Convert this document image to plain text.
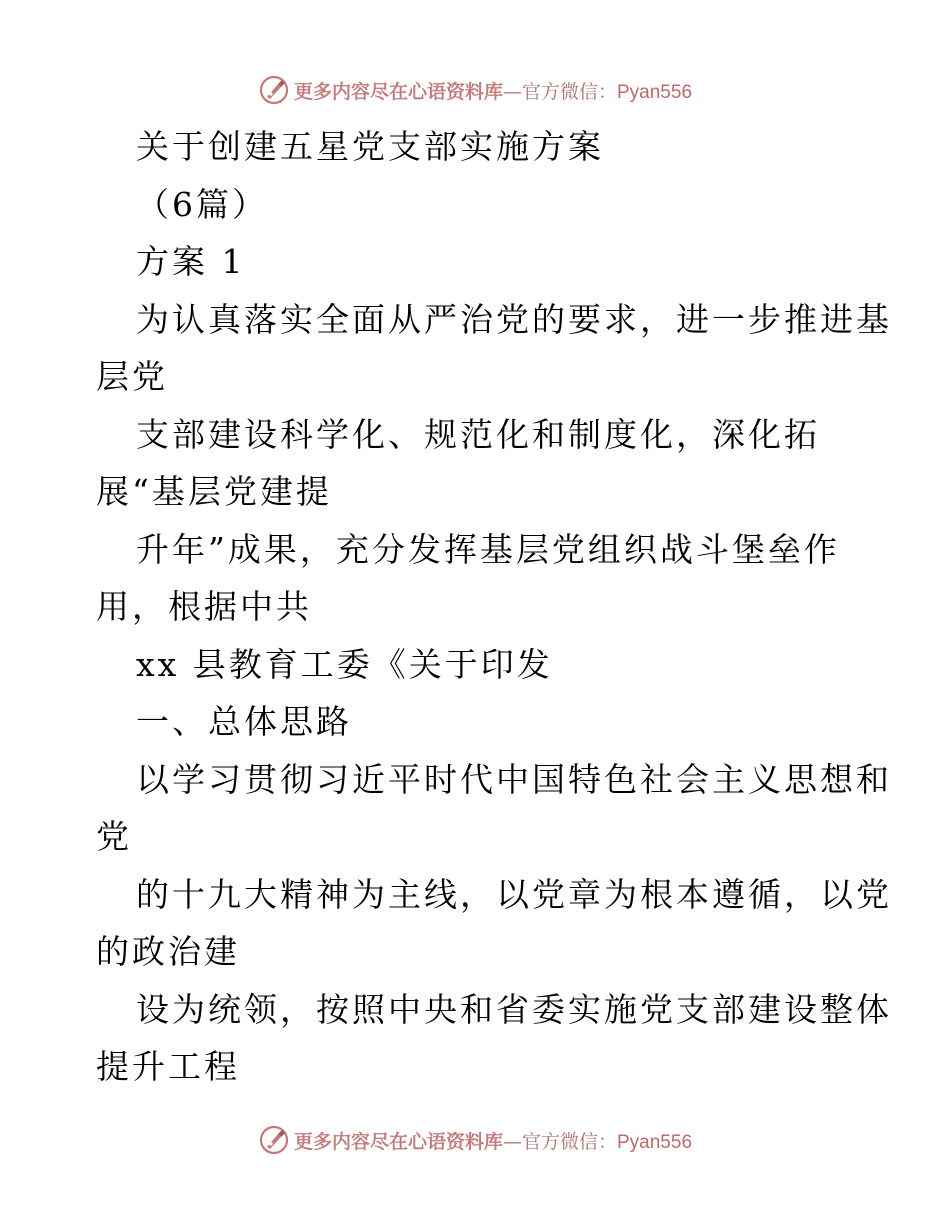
更多内容尽在心语资料库—官方微信：Pyan556
关于创建五星党支部实施方案
（6篇）
方案 1
为认真落实全面从严治党的要求，进一步推进基
层党
支部建设科学化、规范化和制度化，深化拓
展“基层党建提
升年”成果，充分发挥基层党组织战斗堡垒作
用，根据中共
xx 县教育工委《关于印发
一、总体思路
以学习贯彻习近平时代中国特色社会主义思想和
党
的十九大精神为主线，以党章为根本遵循，以党
的政治建
设为统领，按照中央和省委实施党支部建设整体
提升工程
更多内容尽在心语资料库—官方微信：Pyan556
